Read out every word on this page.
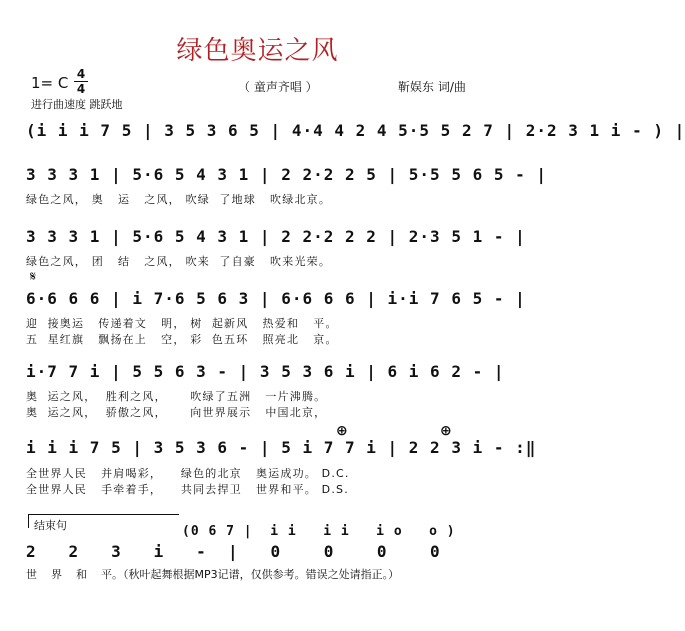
绿色奥运之风
1= C 4
4	（ 童声齐唱 ）	靳娱东 词/曲
进行曲速度 跳跃地
(i i i 7 5 | 3 5 3 6 5 | 4·4 4 2 4 5·5 5 2 7 | 2·2 3 1 i - ) |
3 3 3 1 | 5·6 5 4 3 1 | 2 2·2 2 5 | 5·5 5 6 5 - |
绿色之风， 奥   运   之风， 吹绿  了地球   吹绿北京。
3 3 3 1 | 5·6 5 4 3 1 | 2 2·2 2 2 | 2·3 5 1 - |
绿色之风， 团   结   之风， 吹来  了自豪   吹来光荣。
𝄋
6·6 6 6 | i 7·6 5 6 3 | 6·6 6 6 | i·i 7 6 5 - |
迎  接奥运   传递着文   明， 树  起新风   热爱和   平。
五  星红旗   飘扬在上   空， 彩  色五环   照亮北   京。
i·7 7 i | 5 5 6 3 - | 3 5 3 6 i | 6 i 6 2 - |
奥  运之风，  胜利之风，     吹绿了五洲   一片沸腾。
奥  运之风，  骄傲之风，     向世界展示   中国北京，
⊕	⊕
i i i 7 5 | 3 5 3 6 - | 5 i 7 7 i | 2 2 3 i - :‖
全世界人民   并肩喝彩，    绿色的北京   奥运成功。 D.C.
全世界人民   手牵着手，    共同去捍卫   世界和平。 D.S.
结束句	(0 6 7 |  i i   i i   i o   o )
2   2   3   i   -  |   0    0    0    0
世    界    和    平。（秋叶起舞根据MP3记谱，仅供参考。错误之处请指正。）
